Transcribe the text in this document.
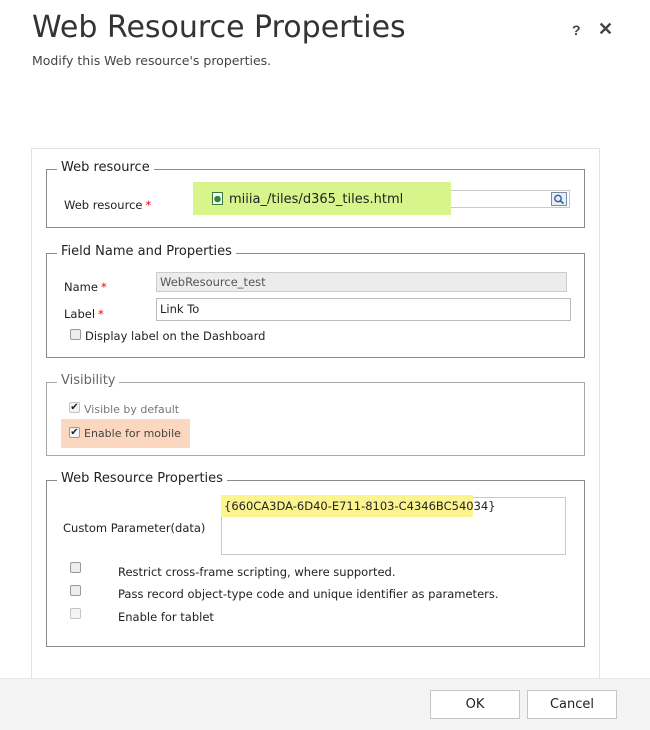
Web Resource Properties
Modify this Web resource's properties.
? ✕
Web resource
Web resource *	miiia_/tiles/d365_tiles.html
Field Name and Properties
Name *	WebResource_test
Label *	Link To
Display label on the Dashboard
Visibility
✔ Visible by default
✔ Enable for mobile
Web Resource Properties
Custom Parameter(data)
{660CA3DA-6D40-E711-8103-C4346BC54034}
Restrict cross-frame scripting, where supported.
Pass record object-type code and unique identifier as parameters.
Enable for tablet
OK	Cancel
